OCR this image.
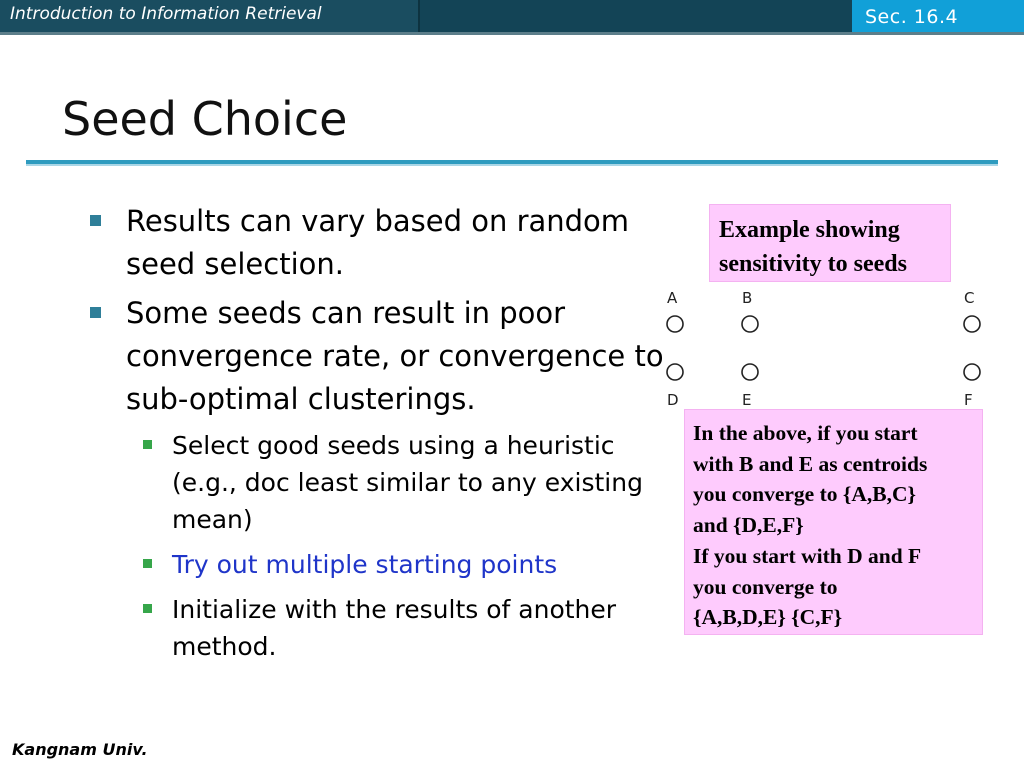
Introduction to Information Retrieval	Sec. 16.4
Seed Choice
Results can vary based on random seed selection.
Some seeds can result in poor convergence rate, or convergence to sub-optimal clusterings.
Select good seeds using a heuristic (e.g., doc least similar to any existing mean)
Try out multiple starting points
Initialize with the results of another method.
Example showing
sensitivity to seeds
A	B	C
D	E	F
In the above, if you start
with B and E as centroids
you converge to {A,B,C}
and {D,E,F}
If you start with D and F
you converge to
{A,B,D,E} {C,F}
Kangnam Univ.
